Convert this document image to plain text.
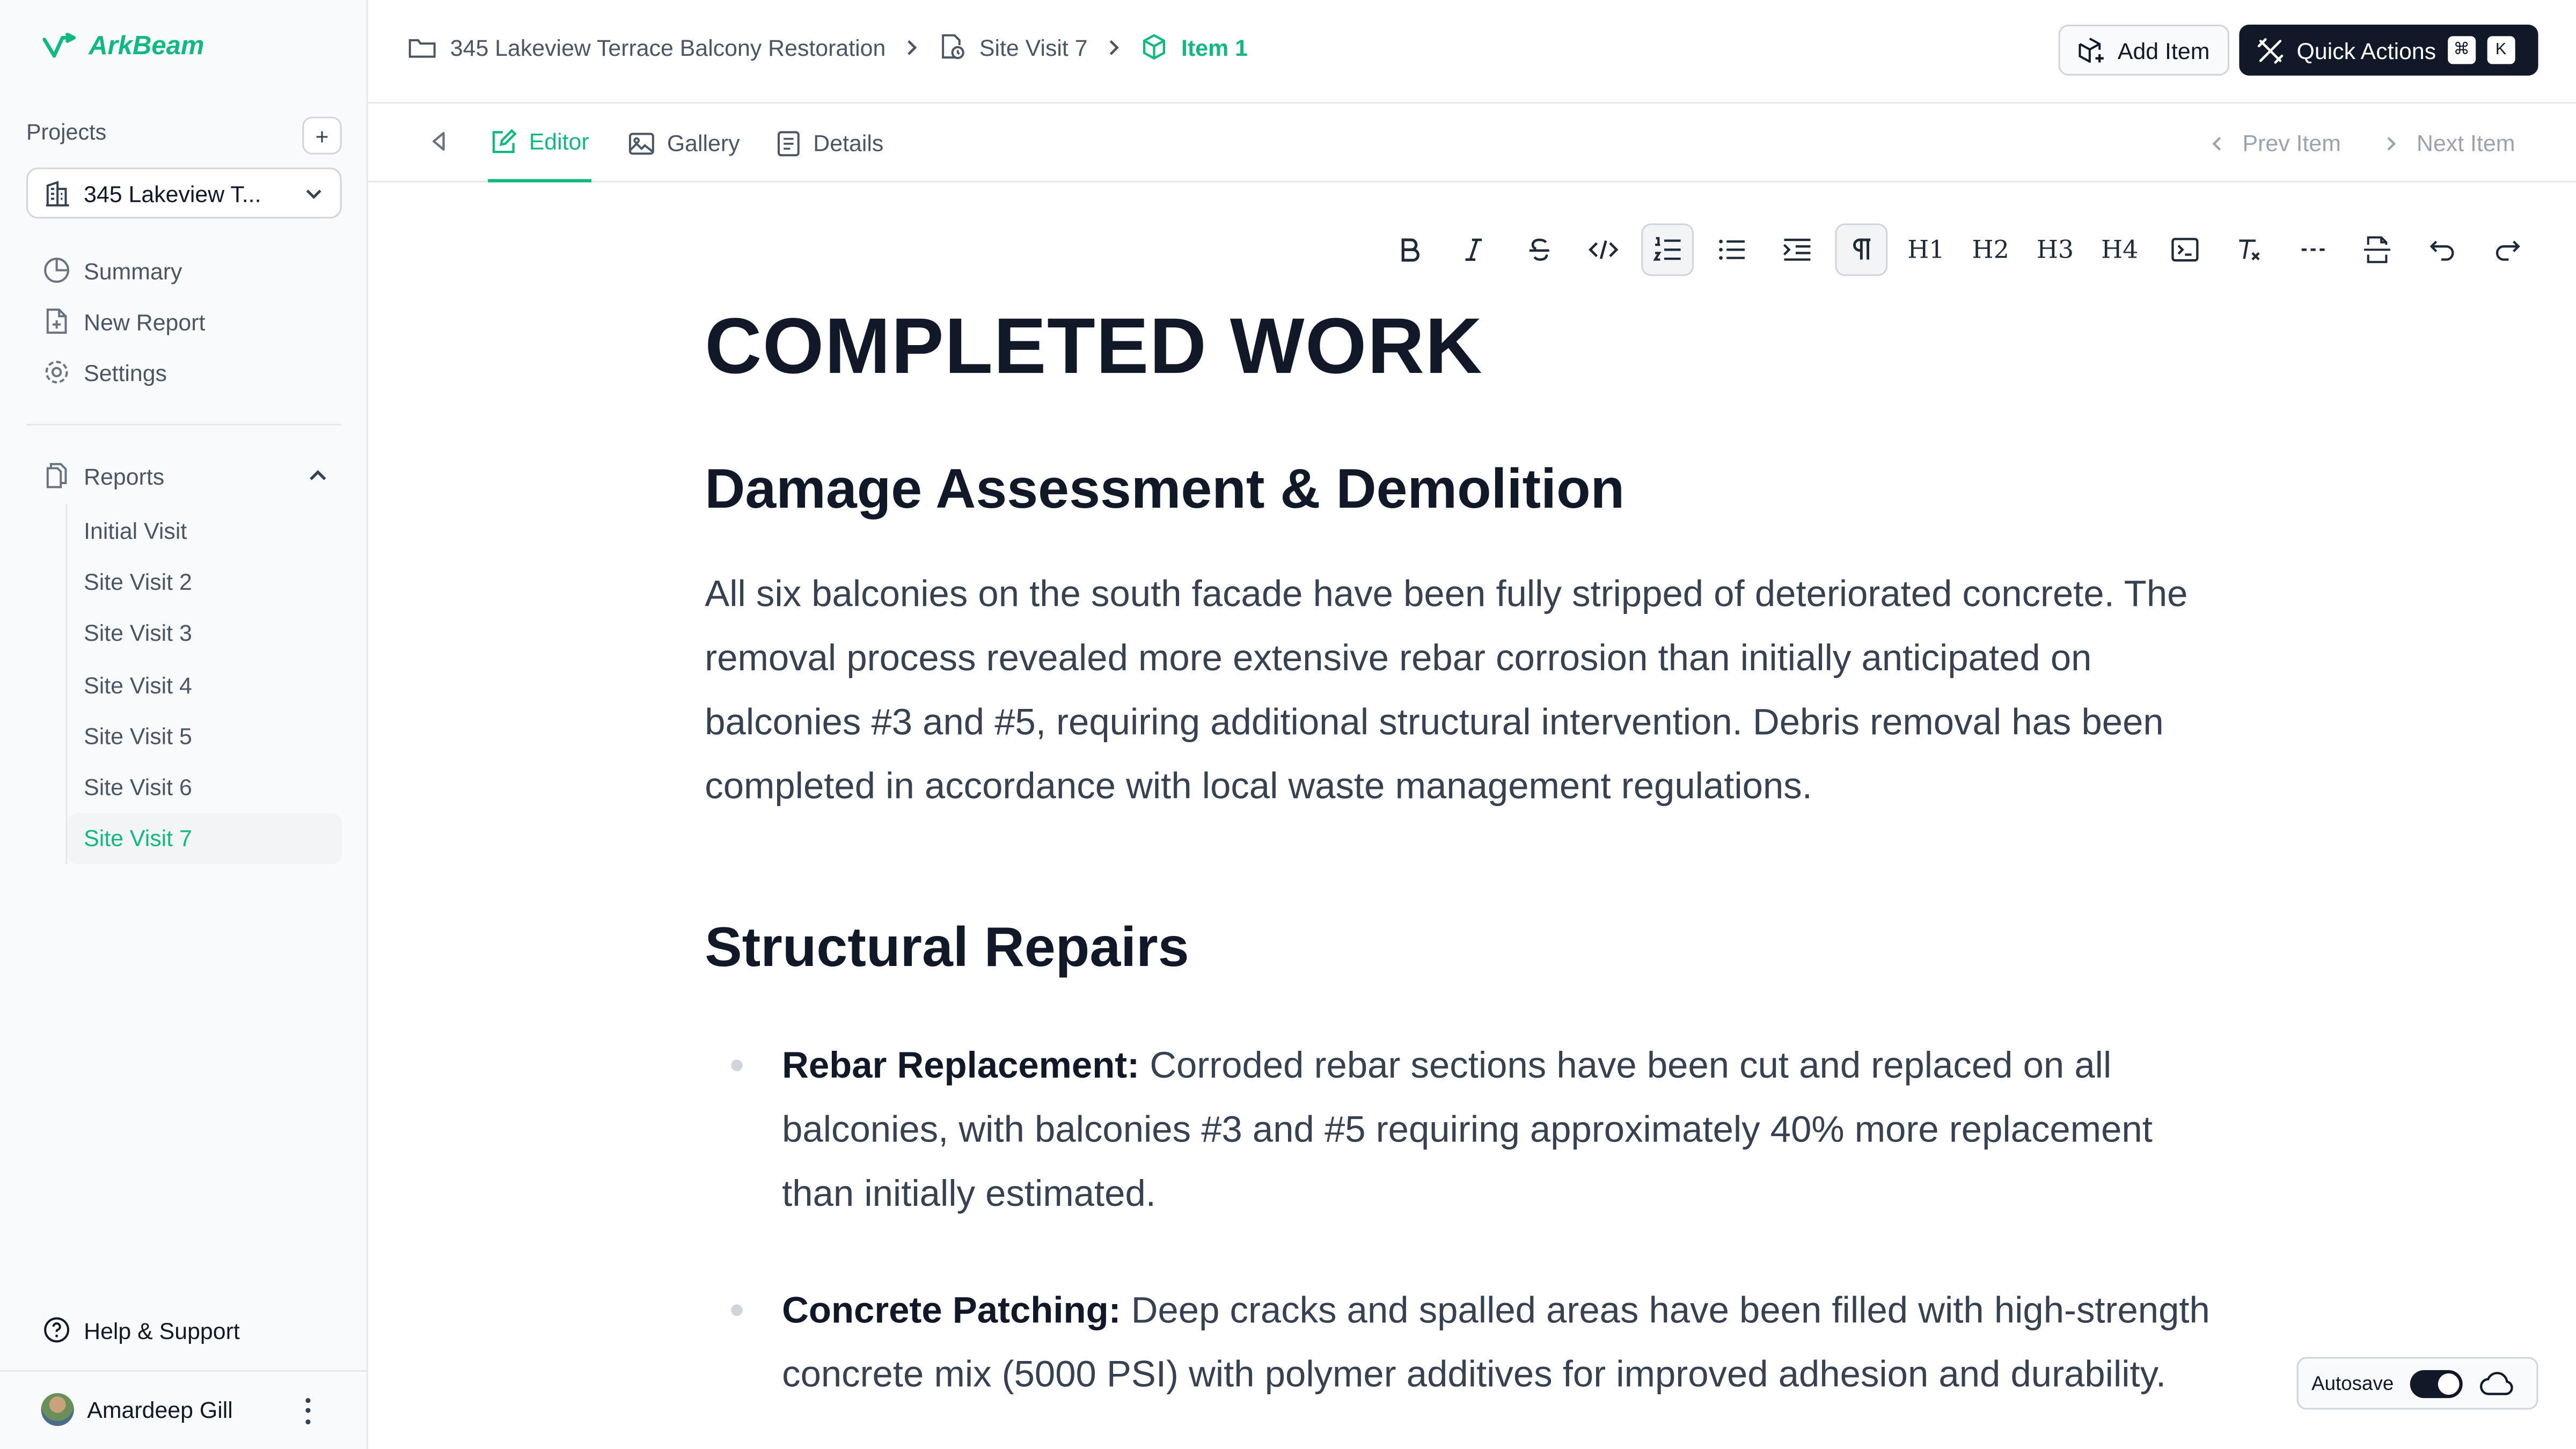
ArkBeam
Projects	+
345 Lakeview T...
Summary
New Report
Settings
Reports
Initial Visit
Site Visit 2
Site Visit 3
Site Visit 4
Site Visit 5
Site Visit 6
Site Visit 7
Help & Support
Amardeep Gill
345 Lakeview Terrace Balcony Restoration	Site Visit 7	Item 1	Add Item	Quick Actions	⌘	K
Editor	Gallery	Details	Prev Item	Next Item
H1	H2	H3	H4
COMPLETED WORK
Damage Assessment & Demolition

All six balconies on the south facade have been fully stripped of deteriorated concrete. The removal process revealed more extensive rebar corrosion than initially anticipated on balconies #3 and #5, requiring additional structural intervention. Debris removal has been completed in accordance with local waste management regulations.

Structural Repairs

Rebar Replacement: Corroded rebar sections have been cut and replaced on all balconies, with balconies #3 and #5 requiring approximately 40% more replacement than initially estimated.

Concrete Patching: Deep cracks and spalled areas have been filled with high-strength concrete mix (5000 PSI) with polymer additives for improved adhesion and durability.	Autosave
